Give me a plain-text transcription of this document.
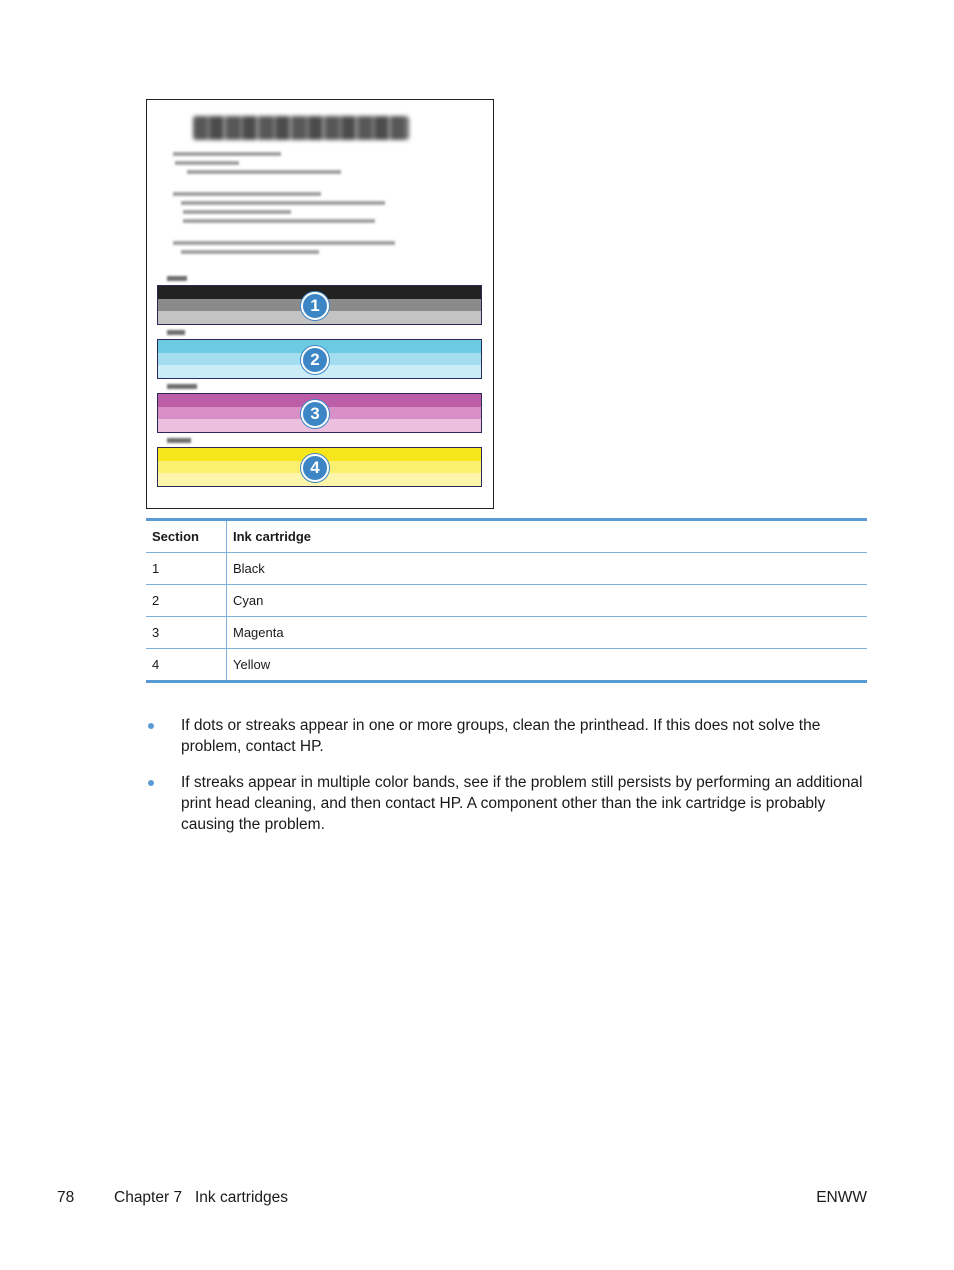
1
2
3
4
Section	Ink cartridge
1	Black
2	Cyan
3	Magenta
4	Yellow
If dots or streaks appear in one or more groups, clean the printhead. If this does not solve the problem, contact HP.
If streaks appear in multiple color bands, see if the problem still persists by performing an additional print head cleaning, and then contact HP. A component other than the ink cartridge is probably causing the problem.
78	Chapter 7   Ink cartridges	ENWW
